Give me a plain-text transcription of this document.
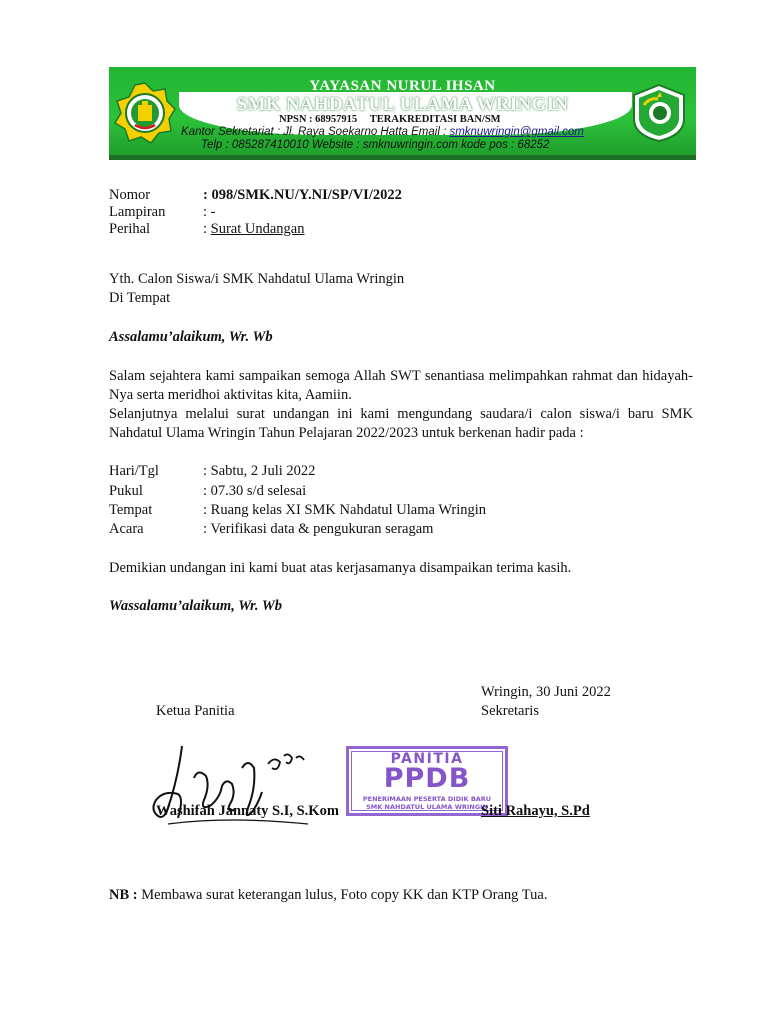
YAYASAN NURUL IHSAN
SMK NAHDATUL ULAMA WRINGIN
NPSN : 68957915 TERAKREDITASI BAN/SM
Kantor Sekretariat : Jl. Raya Soekarno Hatta Email : smknuwringin@gmail.com
Telp : 085287410010 Website : smknuwringin.com kode pos : 68252
Nomor	: 098/SMK.NU/Y.NI/SP/VI/2022
Lampiran	: -
Perihal	: Surat Undangan
Yth. Calon Siswa/i SMK Nahdatul Ulama Wringin
Di Tempat
Assalamu’alaikum, Wr. Wb
Salam sejahtera kami sampaikan semoga Allah SWT senantiasa melimpahkan rahmat dan hidayah-Nya serta meridhoi aktivitas kita, Aamiin.
Selanjutnya melalui surat undangan ini kami mengundang saudara/i calon siswa/i baru SMK Nahdatul Ulama Wringin Tahun Pelajaran 2022/2023 untuk berkenan hadir pada :
Hari/Tgl	: Sabtu, 2 Juli 2022
Pukul	: 07.30 s/d selesai
Tempat	: Ruang kelas XI SMK Nahdatul Ulama Wringin
Acara	: Verifikasi data & pengukuran seragam
Demikian undangan ini kami buat atas kerjasamanya disampaikan terima kasih.
Wassalamu’alaikum, Wr. Wb
Wringin, 30 Juni 2022
Ketua Panitia	Sekretaris
PANITIA
PPDB
PENERIMAAN PESERTA DIDIK BARU
SMK NAHDATUL ULAMA WRINGIN
Washifah Jannaty S.I, S.Kom	Siti Rahayu, S.Pd
NB : Membawa surat keterangan lulus, Foto copy KK dan KTP Orang Tua.
